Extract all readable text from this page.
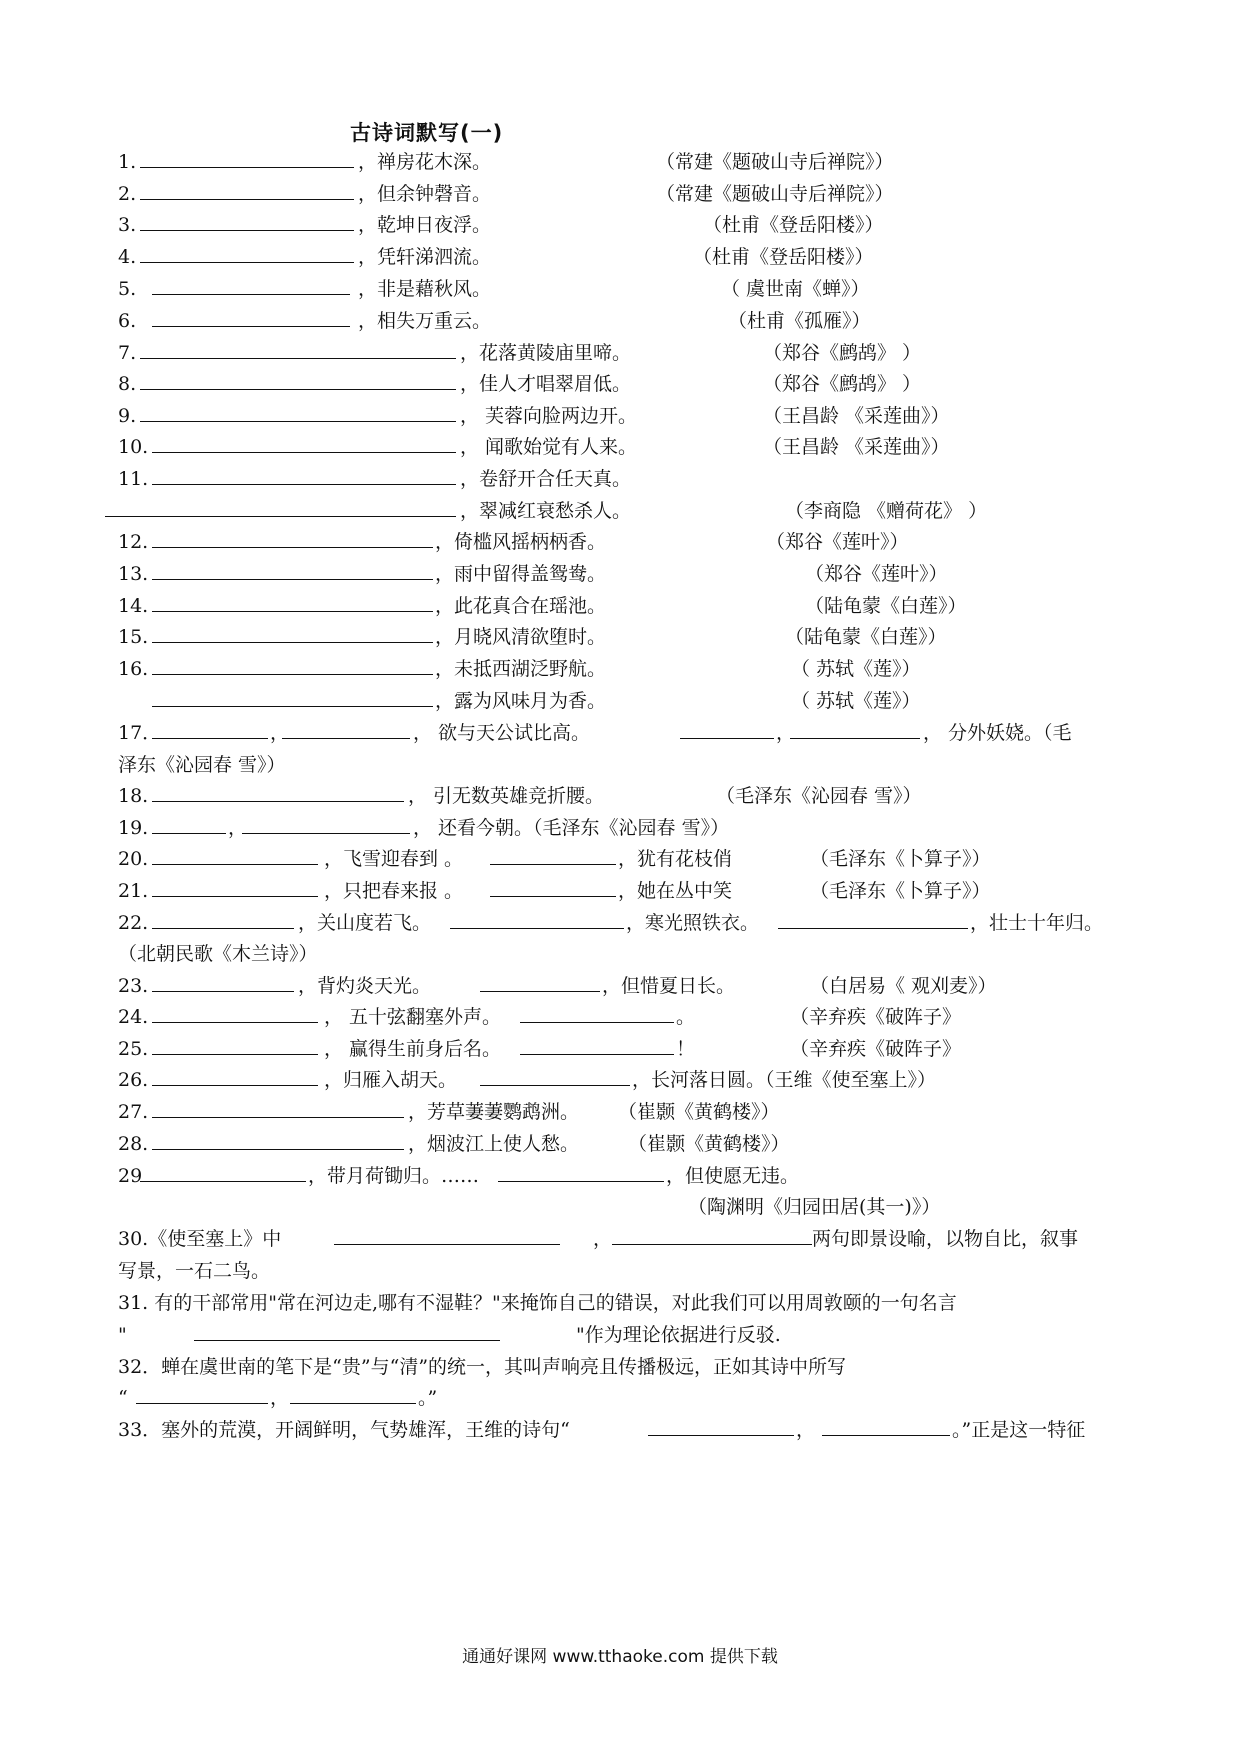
古诗词默写(一)
1.	，禅房花木深。	（常建《题破山寺后禅院》）
2.	，但余钟磬音。	（常建《题破山寺后禅院》）
3.	，乾坤日夜浮。	（杜甫《登岳阳楼》）
4.	，凭轩涕泗流。	（杜甫《登岳阳楼》）
5.	，非是藉秋风。	（ 虞世南《蝉》）
6.	，相失万重云。	（杜甫《孤雁》）
7.	，花落黄陵庙里啼。	（郑谷《鹧鸪》 ）
8.	，佳人才唱翠眉低。	（郑谷《鹧鸪》 ）
9.	， 芙蓉向脸两边开。	（王昌龄 《采莲曲》）
10.	， 闻歌始觉有人来。	（王昌龄 《采莲曲》）
11.	，卷舒开合任天真。
，翠减红衰愁杀人。	（李商隐 《赠荷花》 ）
12.	，倚槛风摇柄柄香。	（郑谷《莲叶》）
13.	，雨中留得盖鸳鸯。	（郑谷《莲叶》）
14.	，此花真合在瑶池。	（陆龟蒙《白莲》）
15.	，月晓风清欲堕时。	（陆龟蒙《白莲》）
16.	，未抵西湖泛野航。	（ 苏轼《莲》）
，露为风味月为香。	（ 苏轼《莲》）
17．	，	， 欲与天公试比高。	，	， 分外妖娆。（毛
泽东《沁园春 雪》）
18.	， 引无数英雄竞折腰。	（毛泽东《沁园春 雪》）
19.	，	， 还看今朝。（毛泽东《沁园春 雪》）
20.	，飞雪迎春到 。	，犹有花枝俏	（毛泽东《卜算子》）
21.	，只把春来报 。	，她在丛中笑	（毛泽东《卜算子》）
22.	，关山度若飞。	，寒光照铁衣。	，壮士十年归。
（北朝民歌《木兰诗》）
23.	，背灼炎天光。	，但惜夏日长。	（白居易《 观刈麦》）
24.	， 五十弦翻塞外声。	。	（辛弃疾《破阵子》
25.	， 赢得生前身后名。	！	（辛弃疾《破阵子》
26.	，归雁入胡天。	，长河落日圆。（王维《使至塞上》）
27.	，芳草萋萋鹦鹉洲。 （崔颢《黄鹤楼》）
28.	，烟波江上使人愁。	（崔颢《黄鹤楼》）
29	，带月荷锄归。……	，但使愿无违。
（陶渊明《归园田居(其一)》）
30.《使至塞上》中	，	两句即景设喻，以物自比，叙事
写景，一石二鸟。
31. 有的干部常用"常在河边走,哪有不湿鞋？"来掩饰自己的错误，对此我们可以用周敦颐的一句名言
"	"作为理论依据进行反驳.
32．蝉在虞世南的笔下是“贵”与“清”的统一，其叫声响亮且传播极远，正如其诗中所写
“	，	。”
33．塞外的荒漠，开阔鲜明，气势雄浑，王维的诗句“	，	。”正是这一特征
通通好课网 www.tthaoke.com 提供下载
